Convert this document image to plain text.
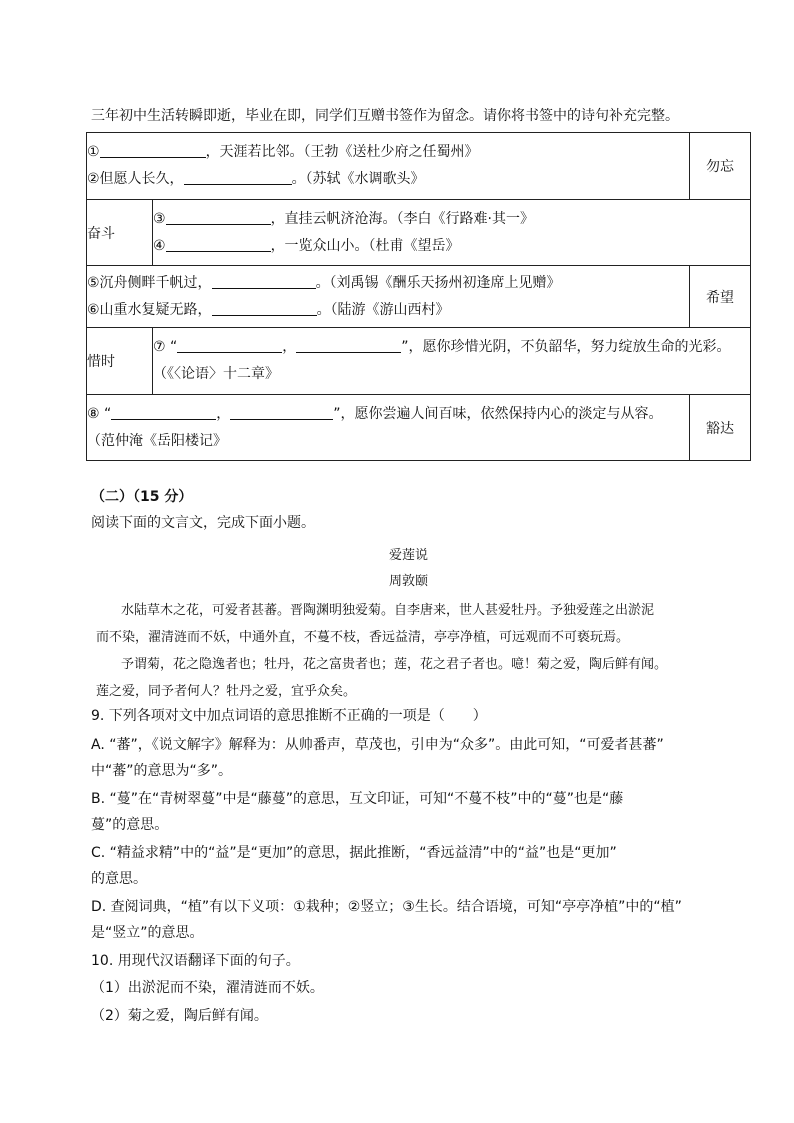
三年初中生活转瞬即逝，毕业在即，同学们互赠书签作为留念。请你将书签中的诗句补充完整。
① ，天涯若比邻。（王勃《送杜少府之任蜀州》
②但愿人长久， 。（苏轼《水调歌头》		勿忘
奋斗	③ ，直挂云帆济沧海。（李白《行路难·其一》
④ ，一览众山小。（杜甫《望岳》	

⑤沉舟侧畔千帆过， 。（刘禹锡《酬乐天扬州初逢席上见赠》
⑥山重水复疑无路， 。（陆游《游山西村》		希望
惜时	⑦ “ ， ”，愿你珍惜光阴，不负韶华，努力绽放生命的光彩。
（《〈论语〉十二章》	

⑧ “ ， ”，愿你尝遍人间百味，依然保持内心的淡定与从容。
（范仲淹《岳阳楼记》		豁达
（二）（15 分）
阅读下面的文言文，完成下面小题。
爱莲说
周敦颐
水陆草木之花，可爱者甚蕃。晋陶渊明独爱菊。自李唐来，世人甚爱牡丹。予独爱莲之出淤泥
而不染，濯清涟而不妖，中通外直，不蔓不枝，香远益清，亭亭净植，可远观而不可亵玩焉。
予谓菊，花之隐逸者也；牡丹，花之富贵者也；莲，花之君子者也。噫！菊之爱，陶后鲜有闻。
莲之爱，同予者何人？牡丹之爱，宜乎众矣。
9. 下列各项对文中加点词语的意思推断不正确的一项是（　　）
A. “蕃”，《说文解字》解释为：从帅番声，草茂也，引申为“众多”。由此可知，“可爱者甚蕃”
中“蕃”的意思为“多”。
B. “蔓”在“青树翠蔓”中是“藤蔓”的意思，互文印证，可知“不蔓不枝”中的“蔓”也是“藤
蔓”的意思。
C. “精益求精”中的“益”是“更加”的意思，据此推断，“香远益清”中的“益”也是“更加”
的意思。
D. 查阅词典，“植”有以下义项：①栽种；②竖立；③生长。结合语境，可知“亭亭净植”中的“植”
是“竖立”的意思。
10. 用现代汉语翻译下面的句子。
（1）出淤泥而不染，濯清涟而不妖。
（2）菊之爱，陶后鲜有闻。
